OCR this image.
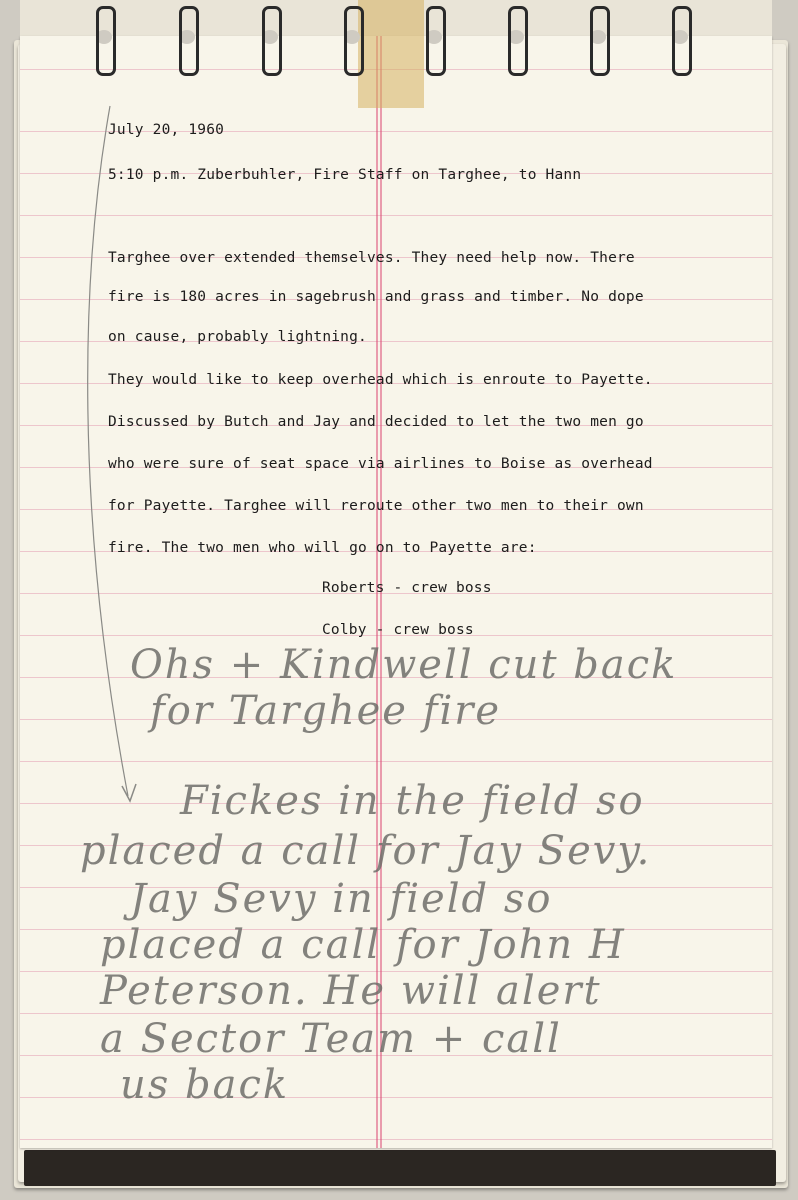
July 20, 1960
5:10 p.m. Zuberbuhler, Fire Staff on Targhee, to Hann
Targhee over extended themselves. They need help now. There
fire is 180 acres in sagebrush and grass and timber. No dope
on cause, probably lightning.
They would like to keep overhead which is enroute to Payette.
Discussed by Butch and Jay and decided to let the two men go
who were sure of seat space via airlines to Boise as overhead
for Payette. Targhee will reroute other two men to their own
fire. The two men who will go on to Payette are:
Roberts - crew boss
Colby - crew boss
Ohs + Kindwell cut back
for Targhee fire
Fickes in the field so
placed a call for Jay Sevy.
Jay Sevy in field so
placed a call for John H
Peterson. He will alert
a Sector Team + call
us back
